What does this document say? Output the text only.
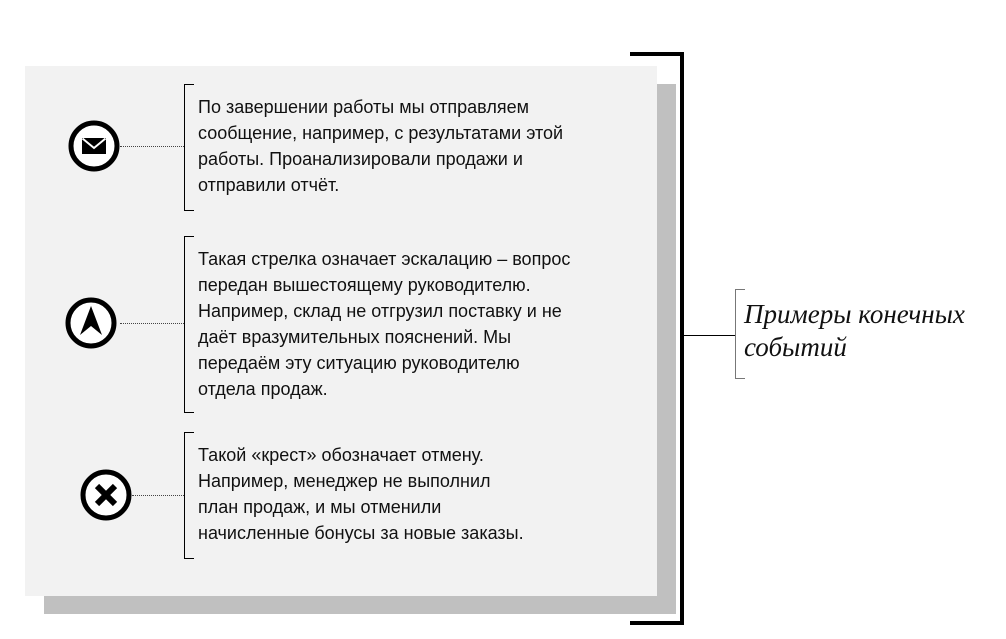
По завершении работы мы отправляем
сообщение, например, с результатами этой
работы. Проанализировали продажи и
отправили отчёт.
Такая стрелка означает эскалацию – вопрос
передан вышестоящему руководителю.
Например, склад не отгрузил поставку и не
даёт вразумительных пояснений. Мы
передаём эту ситуацию руководителю
отдела продаж.
Такой «крест» обозначает отмену.
Например, менеджер не выполнил
план продаж, и мы отменили
начисленные бонусы за новые заказы.
Примеры конечных
событий
